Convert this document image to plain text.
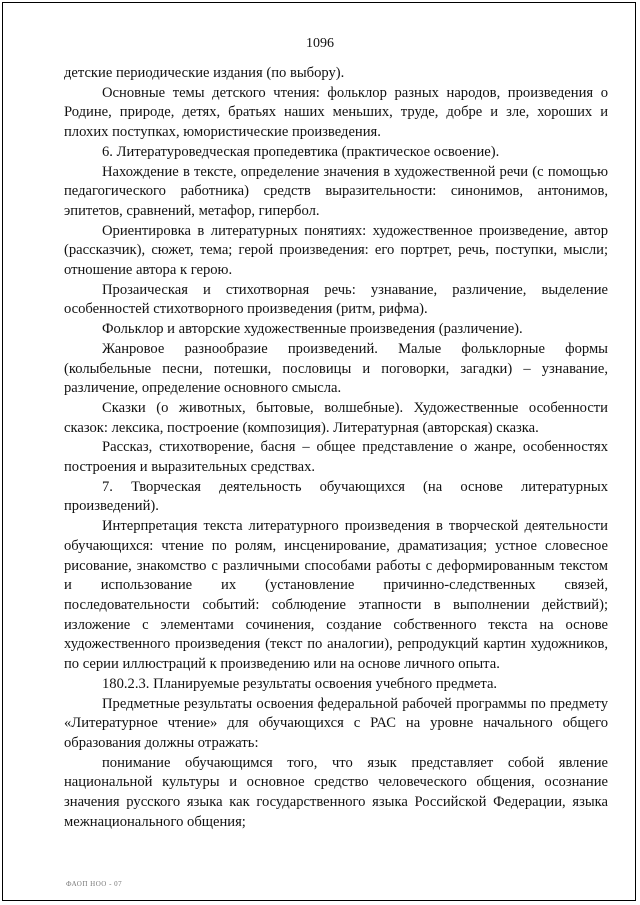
1096

детские периодические издания (по выбору).

Основные темы детского чтения: фольклор разных народов, произведения о Родине, природе, детях, братьях наших меньших, труде, добре и зле, хороших и плохих поступках, юмористические произведения.

6. Литературоведческая пропедевтика (практическое освоение).

Нахождение в тексте, определение значения в художественной речи (с помощью педагогического работника) средств выразительности: синонимов, антонимов, эпитетов, сравнений, метафор, гипербол.

Ориентировка в литературных понятиях: художественное произведение, автор (рассказчик), сюжет, тема; герой произведения: его портрет, речь, поступки, мысли; отношение автора к герою.

Прозаическая и стихотворная речь: узнавание, различение, выделение особенностей стихотворного произведения (ритм, рифма).

Фольклор и авторские художественные произведения (различение).

Жанровое разнообразие произведений. Малые фольклорные формы (колыбельные песни, потешки, пословицы и поговорки, загадки) – узнавание, различение, определение основного смысла.

Сказки (о животных, бытовые, волшебные). Художественные особенности сказок: лексика, построение (композиция). Литературная (авторская) сказка.

Рассказ, стихотворение, басня – общее представление о жанре, особенностях построения и выразительных средствах.

7. Творческая деятельность обучающихся (на основе литературных произведений).

Интерпретация текста литературного произведения в творческой деятельности обучающихся: чтение по ролям, инсценирование, драматизация; устное словесное рисование, знакомство с различными способами работы с деформированным текстом и использование их (установление причинно-следственных связей, последовательности событий: соблюдение этапности в выполнении действий); изложение с элементами сочинения, создание собственного текста на основе художественного произведения (текст по аналогии), репродукций картин художников, по серии иллюстраций к произведению или на основе личного опыта.

180.2.3. Планируемые результаты освоения учебного предмета.

Предметные результаты освоения федеральной рабочей программы по предмету «Литературное чтение» для обучающихся с РАС на уровне начального общего образования должны отражать:

понимание обучающимся того, что язык представляет собой явление национальной культуры и основное средство человеческого общения, осознание значения русского языка как государственного языка Российской Федерации, языка межнационального общения;

ФАОП НОО - 07
